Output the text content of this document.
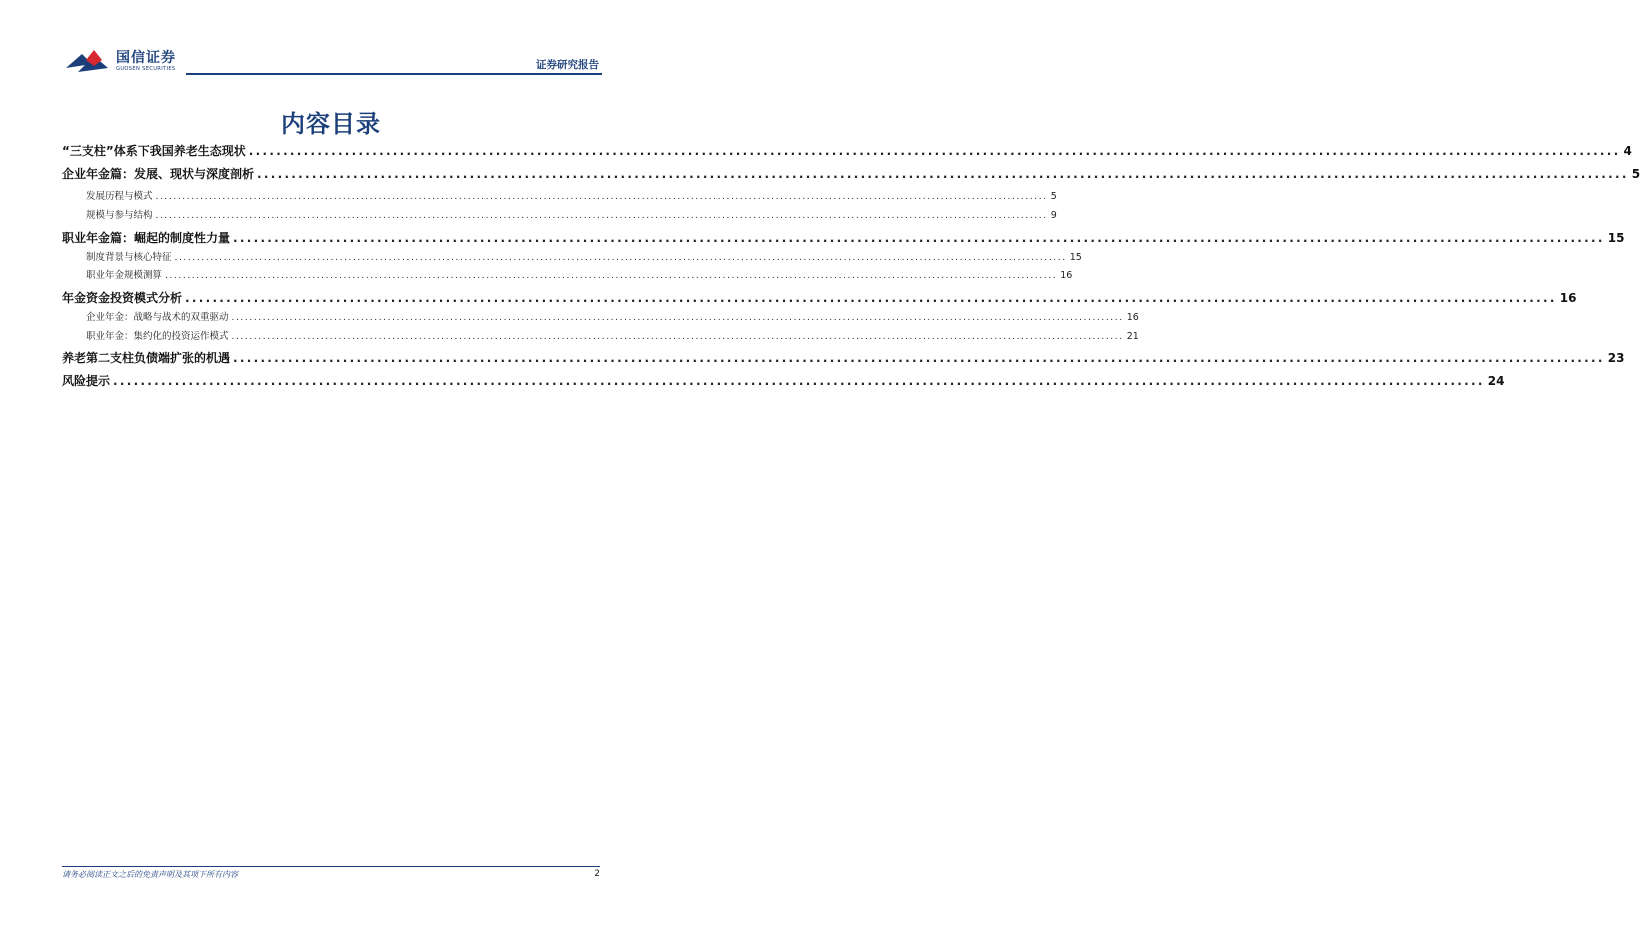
国信证券
GUOSEN SECURITIES	证券研究报告
内容目录
“三支柱”体系下我国养老生态现状 ........................................................................................................................................................................................................ 4
企业年金篇：发展、现状与深度剖析 ........................................................................................................................................................................................................ 5
发展历程与模式 ........................................................................................................................................................................................................ 5
规模与参与结构 ........................................................................................................................................................................................................ 9
职业年金篇：崛起的制度性力量 ........................................................................................................................................................................................................ 15
制度背景与核心特征 ........................................................................................................................................................................................................ 15
职业年金规模测算 ........................................................................................................................................................................................................ 16
年金资金投资模式分析 ........................................................................................................................................................................................................ 16
企业年金：战略与战术的双重驱动 ........................................................................................................................................................................................................ 16
职业年金：集约化的投资运作模式 ........................................................................................................................................................................................................ 21
养老第二支柱负债端扩张的机遇 ........................................................................................................................................................................................................ 23
风险提示 ........................................................................................................................................................................................................ 24
请务必阅读正文之后的免责声明及其项下所有内容	2
